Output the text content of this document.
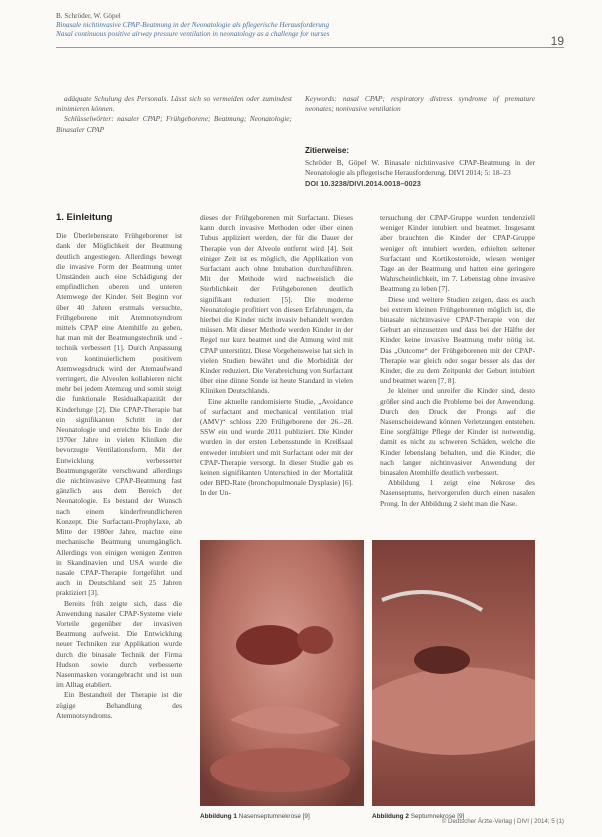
B. Schröder, W. Göpel
Binasale nichtinvasive CPAP-Beatmung in der Neonatologie als pflegerische Herausforderung
Nasal continuous positive airway pressure ventilation in neonatology as a challenge for nurses	19

adäquate Schulung des Personals. Lässt sich so vermeiden oder zumindest minimieren können.

Schlüsselwörter: nasaler CPAP; Frühgeborene; Beatmung; Neonatologie; Binasaler CPAP

Keywords: nasal CPAP; respiratory distress syndrome of premature neonates; nonivasive ventilation
Zitierweise:
Schröder B, Göpel W. Binasale nichtinvasive CPAP-Beatmung in der Neonatologie als pflegerische Herausforderung. DIVI 2014; 5: 18–23
DOI 10.3238/DIVI.2014.0018–0023
1. Einleitung

Die Überlebensrate Frühgeborener ist dank der Möglichkeit der Beatmung deutlich angestiegen. Allerdings bewegt die invasive Form der Beatmung unter Umständen auch eine Schädigung der empfindlichen oberen und unteren Atemwege der Kinder. Seit Beginn vor über 40 Jahren erstmals versuchte, Frühgeborene mit Atemnotsyndrom mittels CPAP eine Atemhilfe zu geben, hat man mit der Beatmungstechnik und -technik verbessert [1]. Durch Anpassung von kontinuierlichem positivem Atemwegsdruck wird der Atemaufwand verringert, die Alveolen kollabieren nicht mehr bei jedem Atemzug und somit steigt die funktionale Residualkapazität der Kinderlunge [2]. Die CPAP-Therapie hat ein signifikanten Schritt in der Neonatologie und erreichte bis Ende der 1970er Jahre in vielen Kliniken die bevorzugte Ventilationsform. Mit der Entwicklung verbesserter Beatmungsgeräte verschwand allerdings die nichtinvasive CPAP-Beatmung fast gänzlich aus dem Bereich der Neonatologie. Es bestand der Wunsch nach einem kinderfreundlicheren Konzept. Die Surfactant-Prophylaxe, ab Mitte der 1980er Jahre, machte eine mechanische Beatmung unumgänglich. Allerdings von einigen wenigen Zentren in Skandinavien und USA wurde die nasale CPAP-Therapie fortgeführt und auch in Deutschland seit 25 Jahren praktiziert [3].

Bereits früh zeigte sich, dass die Anwendung nasaler CPAP-Systeme viele Vorteile gegenüber der invasiven Beatmung aufweist. Die Entwicklung neuer Techniken zur Applikation wurde durch die binasale Technik der Firma Hudson sowie durch verbesserte Nasenmasken vorangebracht und ist nun im Alltag etabliert.

Ein Bestandteil der Therapie ist die zügige Behandlung des Atemnotsyndroms.

dieses der Frühgeborenen mit Surfactant. Dieses kann durch invasive Methoden oder über einen Tubus appliziert werden, der für die Dauer der Therapie von der Alveole entfernt wird [4]. Seit einiger Zeit ist es möglich, die Applikation von Surfactant auch ohne Intubation durchzuführen. Mit der Methode wird nachweislich die Sterblichkeit der Frühgeborenen deutlich signifikant reduziert [5]. Die moderne Neonatologie profitiert von diesen Erfahrungen, da hierbei die Kinder nicht invasiv behandelt werden müssen. Mit dieser Methode werden Kinder in der Regel nur kurz beatmet und die Atmung wird mit CPAP unterstützt. Diese Vorgehensweise hat sich in vielen Studien bewährt und die Morbidität der Kinder reduziert. Die Verabreichung von Surfactant über eine dünne Sonde ist heute Standard in vielen Kliniken Deutschlands.

Eine aktuelle randomisierte Studie, „Avoidance of surfactant and mechanical ventilation trial (AMV)“ schloss 220 Frühgeborene der 26.–28. SSW ein und wurde 2011 publiziert. Die Kinder wurden in der ersten Lebensstunde in Kreißsaal entweder intubiert und mit Surfactant oder mit der CPAP-Therapie versorgt. In dieser Studie gab es keinen signifikanten Unterschied in der Mortalität oder BPD-Rate (bronchopulmonale Dysplasie) [6]. In der Un-

tersuchung der CPAP-Gruppe wurden tendenziell weniger Kinder intubiert und beatmet. Insgesamt aber brauchten die Kinder der CPAP-Gruppe weniger oft intubiert werden, erhielten seltener Surfactant und Kortikosteroide, wiesen weniger Tage an der Beatmung und hatten eine geringere Wahrscheinlichkeit, im 7. Lebenstag ohne invasive Beatmung zu leben [7].

Diese und weitere Studien zeigen, dass es auch bei extrem kleinen Frühgeborenen möglich ist, die binasale nichtinvasive CPAP-Therapie von der Geburt an einzusetzen und dass bei der Hälfte der Kinder keine invasive Beatmung mehr nötig ist. Das „Outcome“ der Frühgeborenen mit der CPAP-Therapie war gleich oder sogar besser als das der Kinder, die zu dem Zeitpunkt der Geburt intubiert und beatmet waren [7, 8].

Je kleiner und unreifer die Kinder sind, desto größer sind auch die Probleme bei der Anwendung. Durch den Druck der Prongs auf die Nasenscheidewand können Verletzungen entstehen. Eine sorgfältige Pflege der Kinder ist notwendig, damit es nicht zu schweren Schäden, welche die Kinder lebenslang behalten, und die Kinder, die nach langer nichtinvasiver Anwendung der binasalen Atemhilfe deutlich verbessert.

Abbildung 1 zeigt eine Nekrose des Nasenseptums, hervorgerufen durch einen nasalen Prong. In der Abbildung 2 sieht man die Nase.

Abbildung 1 Nasenseptumnekrose [9]	Abbildung 2 Septumnekrose [9]
© Deutscher Ärzte-Verlag | DIVI | 2014; 5 (1)
